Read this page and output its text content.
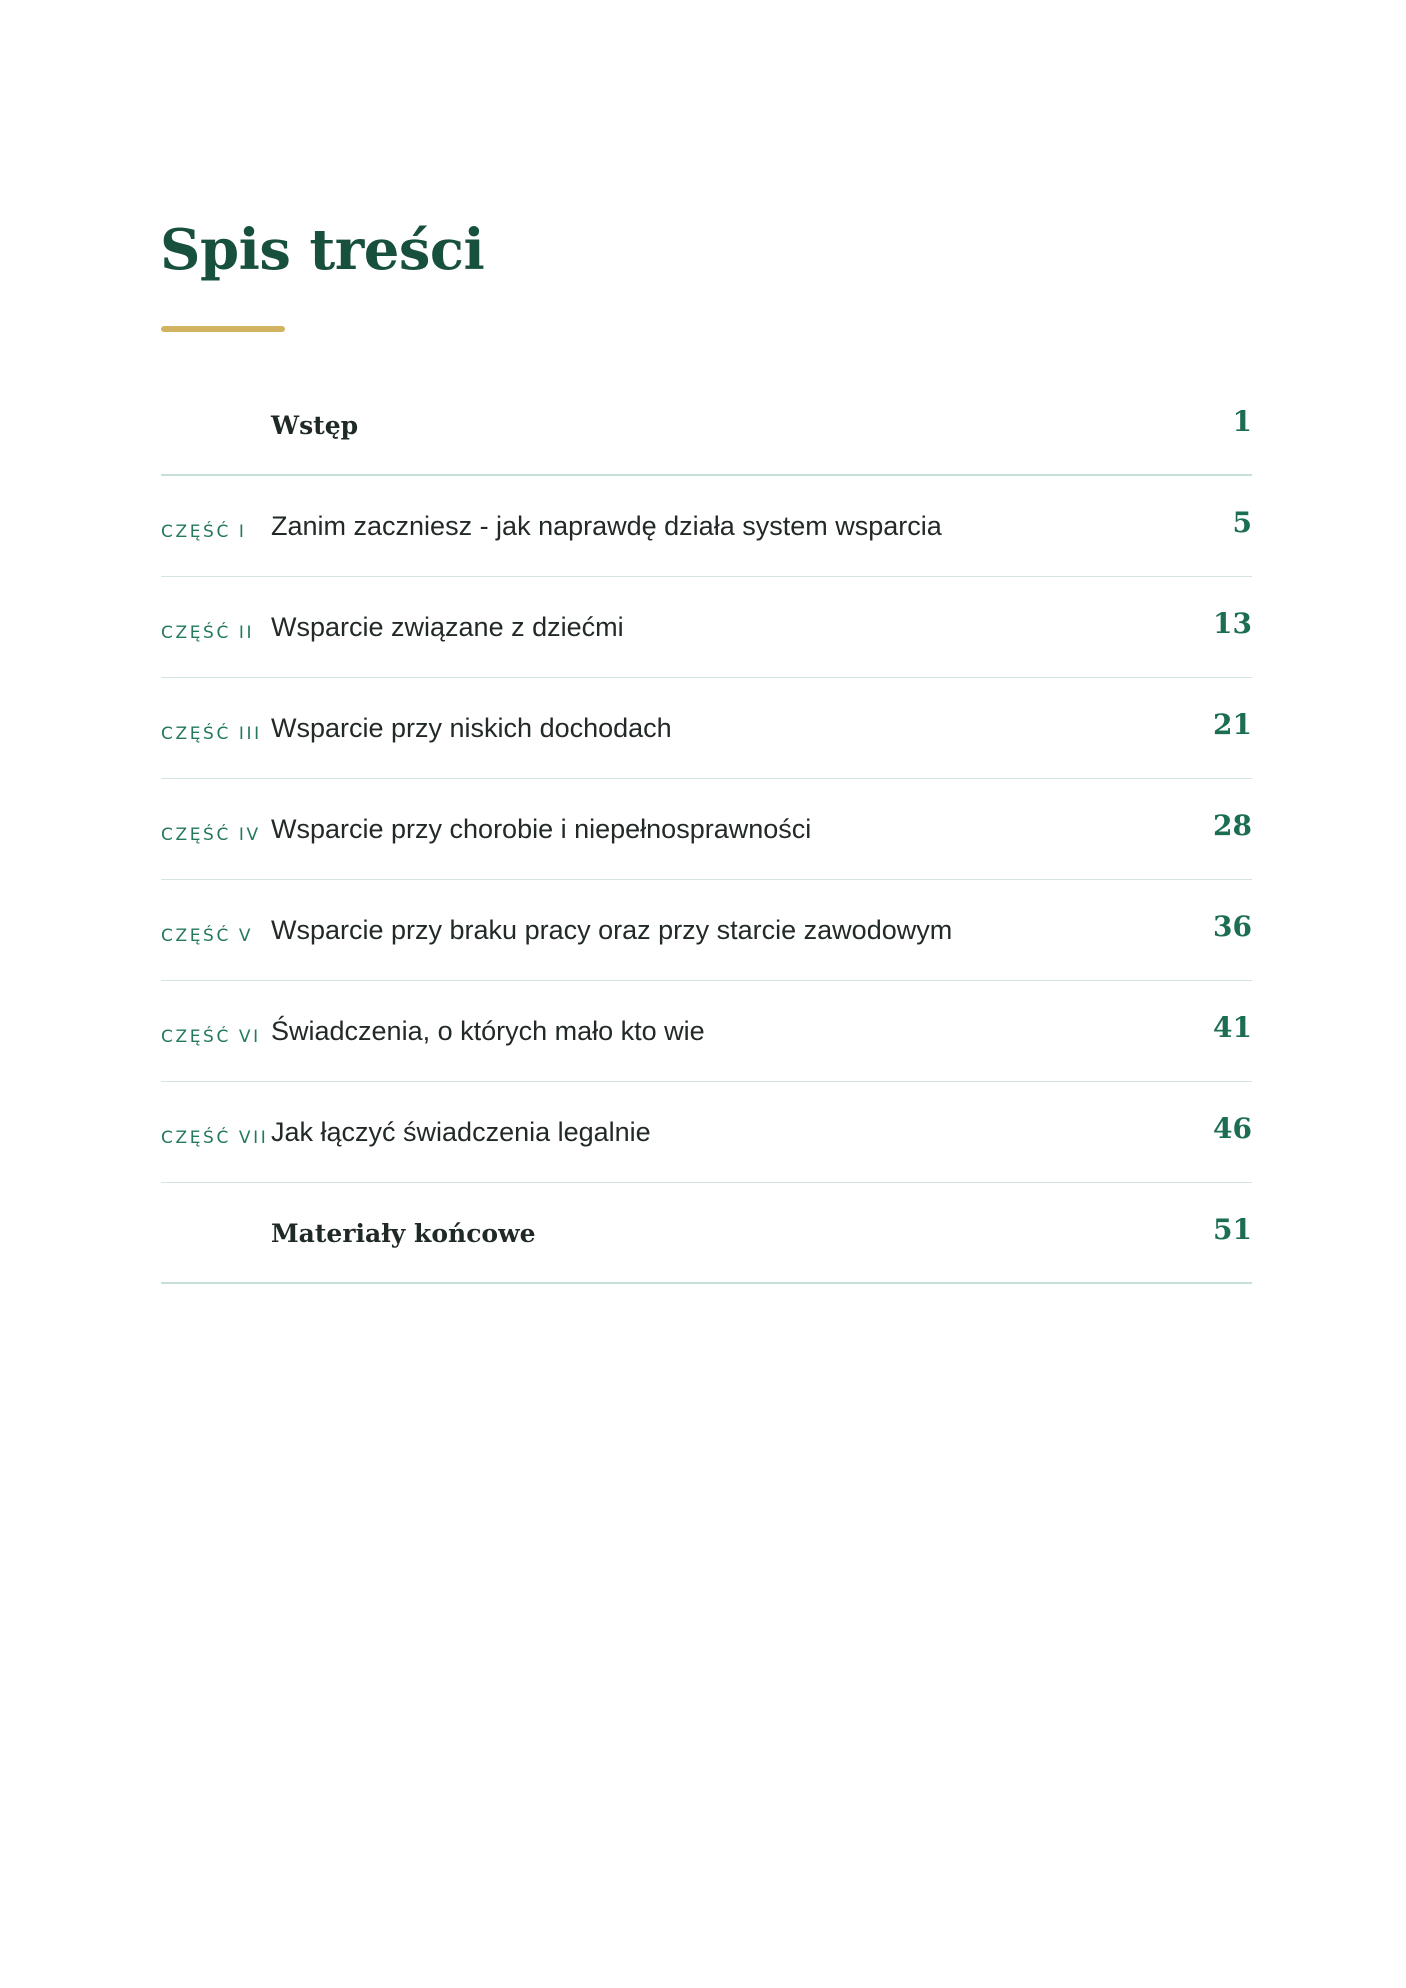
Spis treści
Wstęp	1
CZĘŚĆ I Zanim zaczniesz - jak naprawdę działa system wsparcia	5
CZĘŚĆ II Wsparcie związane z dziećmi	13
CZĘŚĆ III Wsparcie przy niskich dochodach	21
CZĘŚĆ IV Wsparcie przy chorobie i niepełnosprawności	28
CZĘŚĆ V Wsparcie przy braku pracy oraz przy starcie zawodowym	36
CZĘŚĆ VI Świadczenia, o których mało kto wie	41
CZĘŚĆ VII Jak łączyć świadczenia legalnie	46
Materiały końcowe	51
